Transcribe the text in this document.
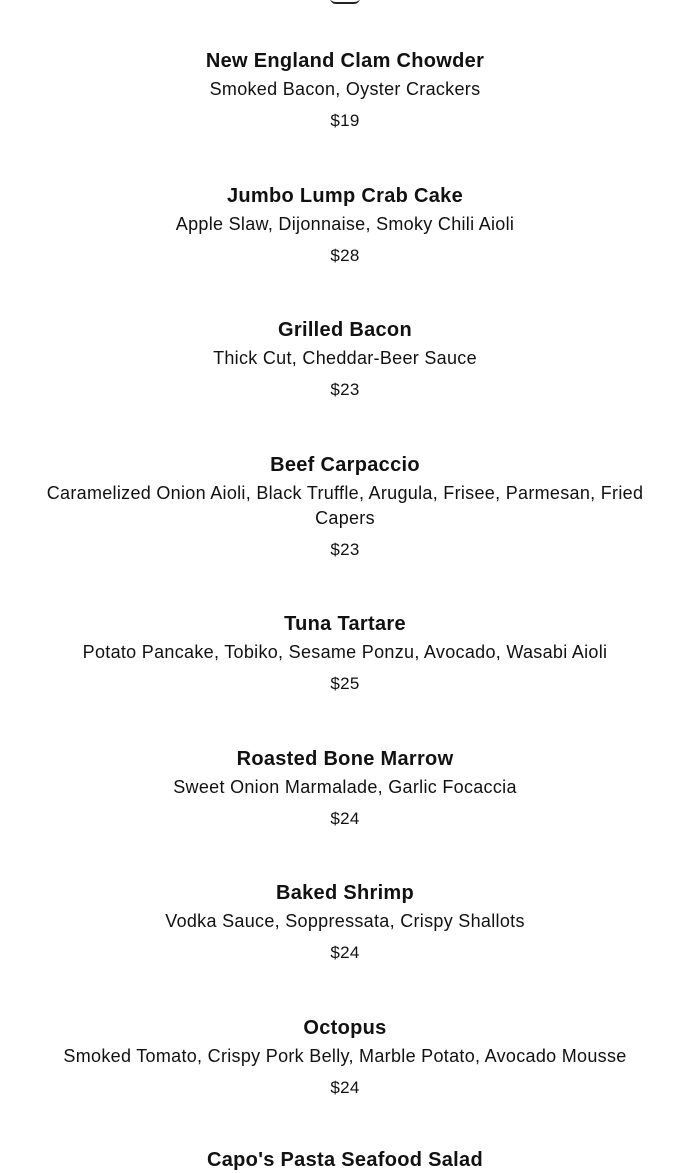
New England Clam Chowder
Smoked Bacon, Oyster Crackers
$19
Jumbo Lump Crab Cake
Apple Slaw, Dijonnaise, Smoky Chili Aioli
$28
Grilled Bacon
Thick Cut, Cheddar-Beer Sauce
$23
Beef Carpaccio
Caramelized Onion Aioli, Black Truffle, Arugula, Frisee, Parmesan, Fried Capers
$23
Tuna Tartare
Potato Pancake, Tobiko, Sesame Ponzu, Avocado, Wasabi Aioli
$25
Roasted Bone Marrow
Sweet Onion Marmalade, Garlic Focaccia
$24
Baked Shrimp
Vodka Sauce, Soppressata, Crispy Shallots
$24
Octopus
Smoked Tomato, Crispy Pork Belly, Marble Potato, Avocado Mousse
$24
Capo's Pasta Seafood Salad
